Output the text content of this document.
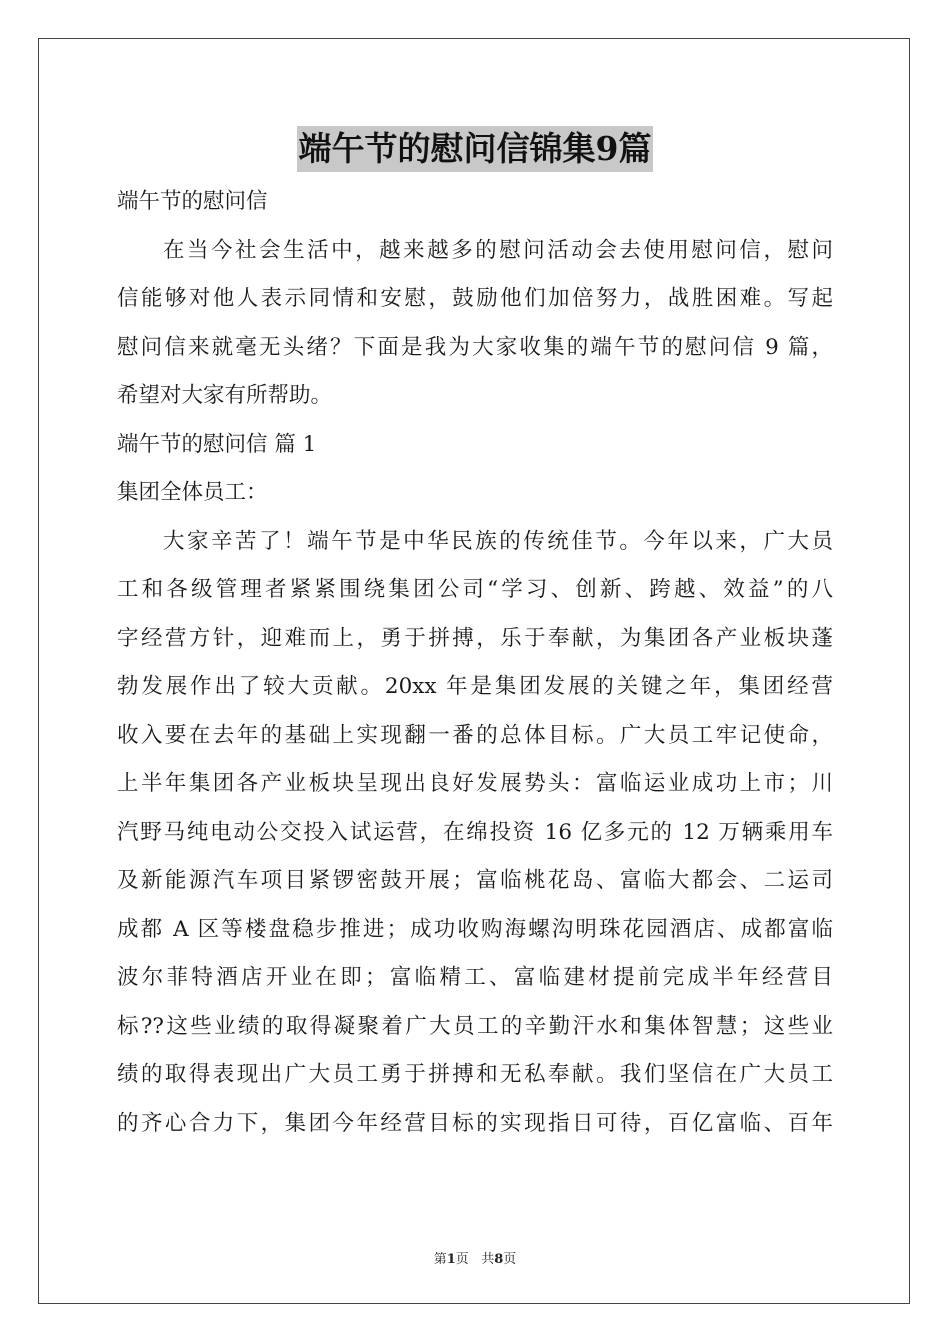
端午节的慰问信锦集9篇
端午节的慰问信
在当今社会生活中，越来越多的慰问活动会去使用慰问信，慰问
信能够对他人表示同情和安慰，鼓励他们加倍努力，战胜困难。写起
慰问信来就毫无头绪？下面是我为大家收集的端午节的慰问信 9 篇，
希望对大家有所帮助。
端午节的慰问信 篇 1
集团全体员工：
大家辛苦了！端午节是中华民族的传统佳节。今年以来，广大员
工和各级管理者紧紧围绕集团公司“学习、创新、跨越、效益”的八
字经营方针，迎难而上，勇于拼搏，乐于奉献，为集团各产业板块蓬
勃发展作出了较大贡献。20xx 年是集团发展的关键之年，集团经营
收入要在去年的基础上实现翻一番的总体目标。广大员工牢记使命，
上半年集团各产业板块呈现出良好发展势头：富临运业成功上市；川
汽野马纯电动公交投入试运营，在绵投资 16 亿多元的 12 万辆乘用车
及新能源汽车项目紧锣密鼓开展；富临桃花岛、富临大都会、二运司
成都 A 区等楼盘稳步推进；成功收购海螺沟明珠花园酒店、成都富临
波尔菲特酒店开业在即；富临精工、富临建材提前完成半年经营目
标??这些业绩的取得凝聚着广大员工的辛勤汗水和集体智慧；这些业
绩的取得表现出广大员工勇于拼搏和无私奉献。我们坚信在广大员工
的齐心合力下，集团今年经营目标的实现指日可待，百亿富临、百年
第1页 共8页
